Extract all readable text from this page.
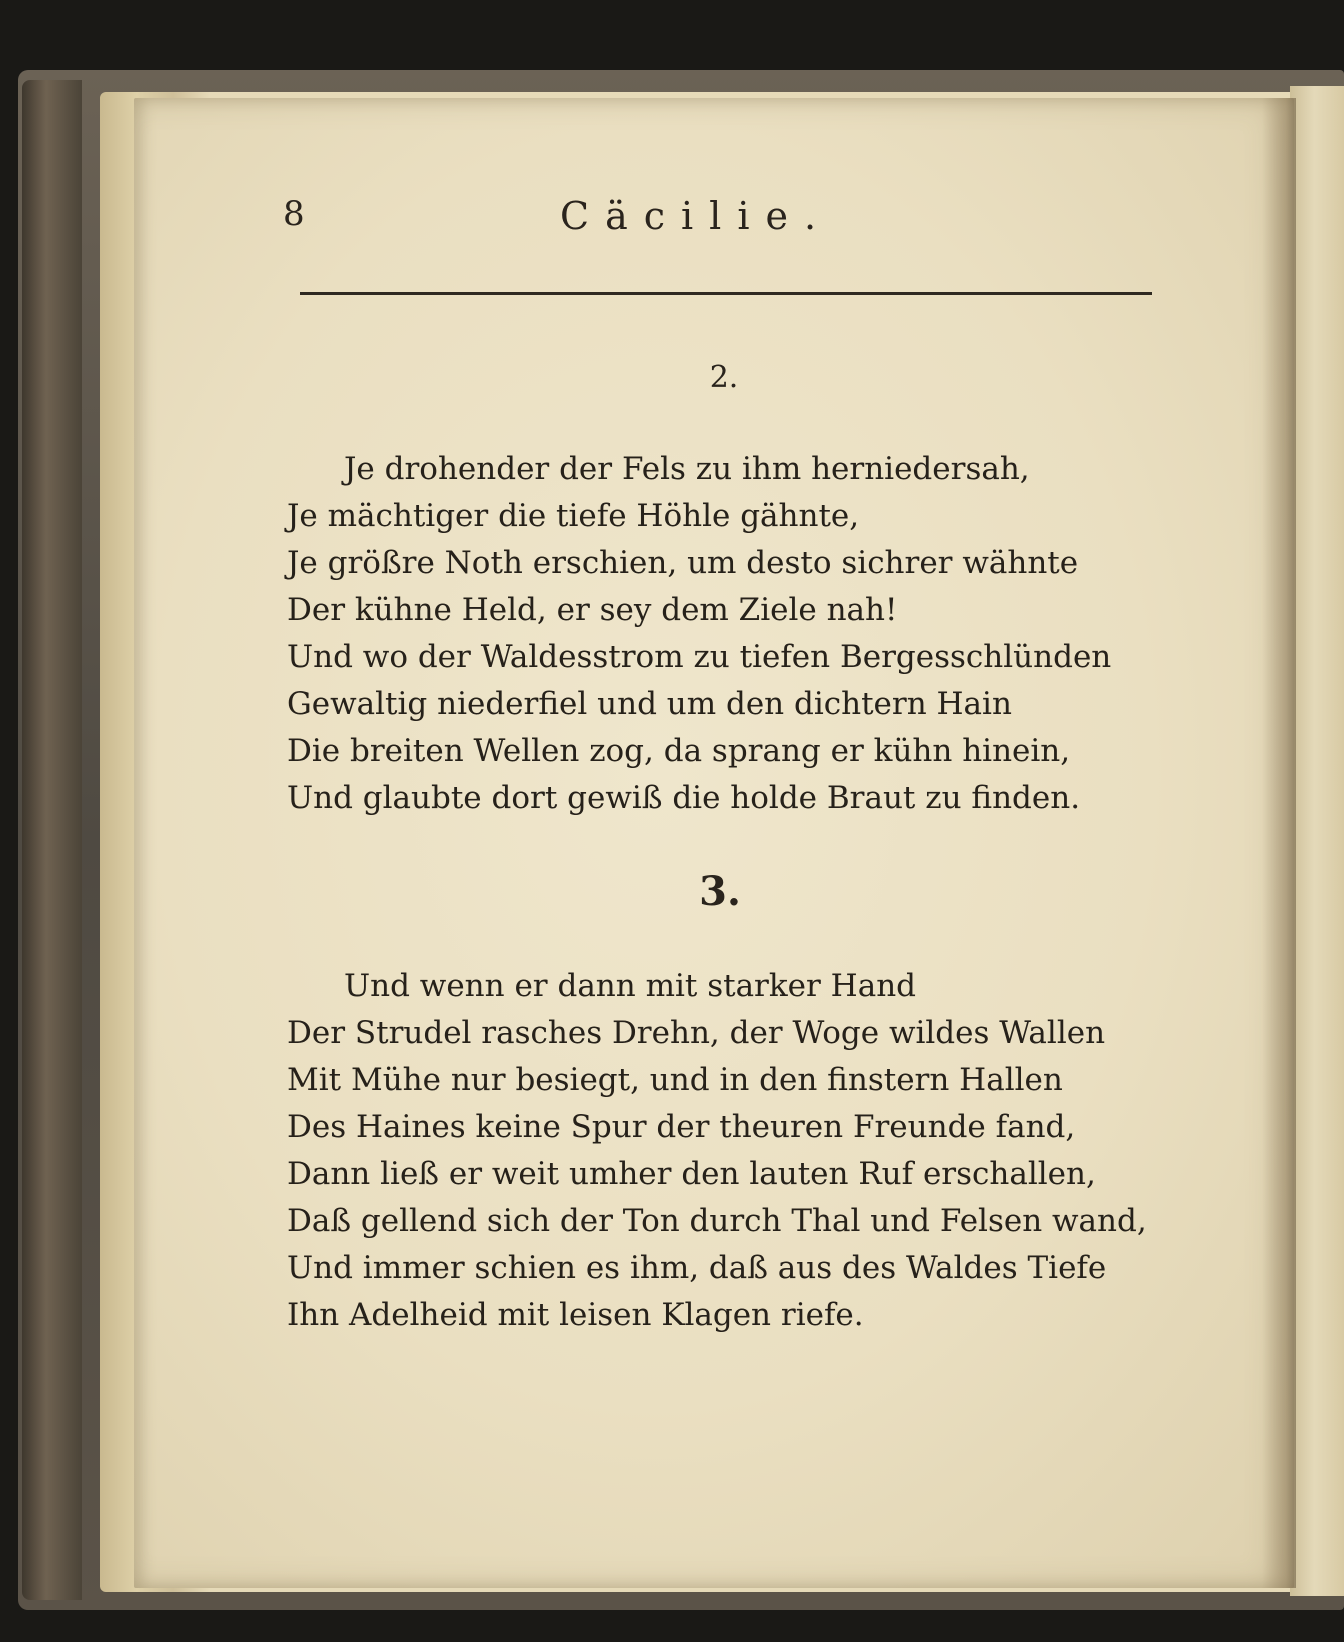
8	Cäcilie.

2.

Je drohender der Fels zu ihm herniedersah,
Je mächtiger die tiefe Höhle gähnte,
Je größre Noth erschien, um desto sichrer wähnte
Der kühne Held, er sey dem Ziele nah!
Und wo der Waldesstrom zu tiefen Bergesschlünden
Gewaltig niederfiel und um den dichtern Hain
Die breiten Wellen zog, da sprang er kühn hinein,
Und glaubte dort gewiß die holde Braut zu finden.

3.

Und wenn er dann mit starker Hand
Der Strudel rasches Drehn, der Woge wildes Wallen
Mit Mühe nur besiegt, und in den finstern Hallen
Des Haines keine Spur der theuren Freunde fand,
Dann ließ er weit umher den lauten Ruf erschallen,
Daß gellend sich der Ton durch Thal und Felsen wand,
Und immer schien es ihm, daß aus des Waldes Tiefe
Ihn Adelheid mit leisen Klagen riefe.
